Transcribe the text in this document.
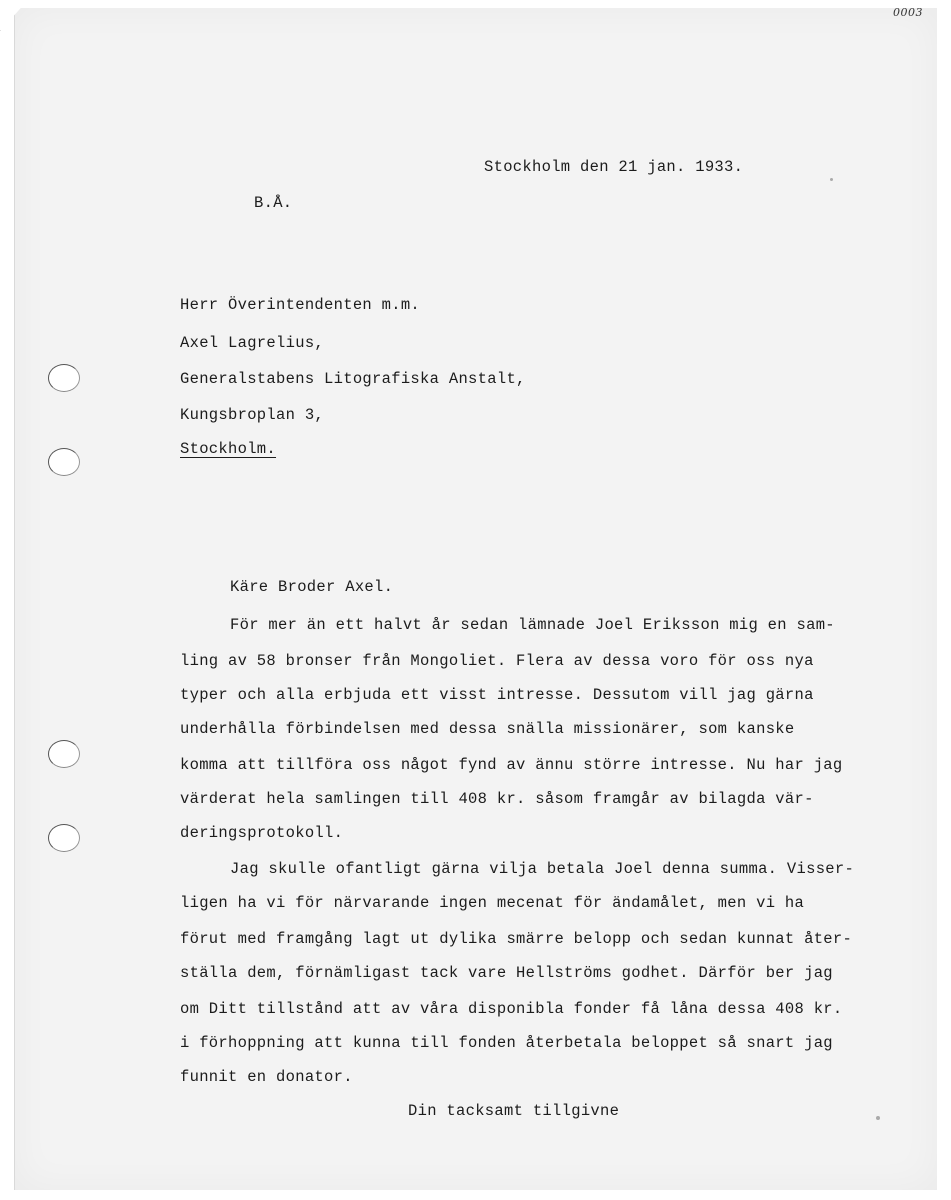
0003
Stockholm den 21 jan. 1933.
B.Å.
Herr Överintendenten m.m.
Axel Lagrelius,
Generalstabens Litografiska Anstalt,
Kungsbroplan 3,
Stockholm.
Käre Broder Axel.
För mer än ett halvt år sedan lämnade Joel Eriksson mig en sam-
ling av 58 bronser från Mongoliet. Flera av dessa voro för oss nya
typer och alla erbjuda ett visst intresse. Dessutom vill jag gärna
underhålla förbindelsen med dessa snälla missionärer, som kanske
komma att tillföra oss något fynd av ännu större intresse. Nu har jag
värderat hela samlingen till 408 kr. såsom framgår av bilagda vär-
deringsprotokoll.
Jag skulle ofantligt gärna vilja betala Joel denna summa. Visser-
ligen ha vi för närvarande ingen mecenat för ändamålet, men vi ha
förut med framgång lagt ut dylika smärre belopp och sedan kunnat åter-
ställa dem, förnämligast tack vare Hellströms godhet. Därför ber jag
om Ditt tillstånd att av våra disponibla fonder få låna dessa 408 kr.
i förhoppning att kunna till fonden återbetala beloppet så snart jag
funnit en donator.
Din tacksamt tillgivne
